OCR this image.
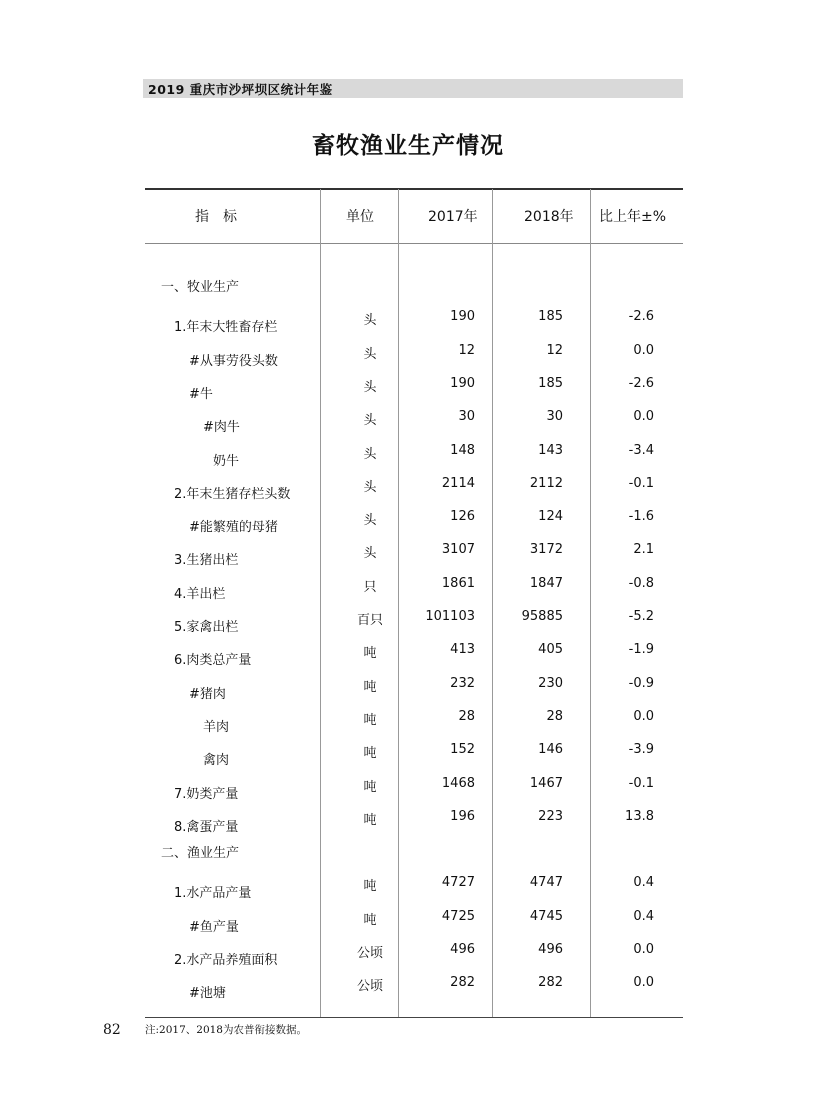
2019 重庆市沙坪坝区统计年鉴
畜牧渔业生产情况
指　标	单位	2017年	2018年 比上年±%
一、牧业生产
1.年末大牲畜存栏	头	190	185	-2.6
#从事劳役头数	头	12	12	0.0
#牛	头	190	185	-2.6
#肉牛	头	30	30	0.0
奶牛	头	148	143	-3.4
2.年末生猪存栏头数	头	2114	2112	-0.1
#能繁殖的母猪	头	126	124	-1.6
3.生猪出栏	头	3107	3172	2.1
4.羊出栏	只	1861	1847	-0.8
5.家禽出栏	百只	101103	95885	-5.2
6.肉类总产量	吨	413	405	-1.9
#猪肉	吨	232	230	-0.9
羊肉	吨	28	28	0.0
禽肉	吨	152	146	-3.9
7.奶类产量	吨	1468	1467	-0.1
8.禽蛋产量	吨	196	223	13.8
二、渔业生产
1.水产品产量	吨	4727	4747	0.4
#鱼产量	吨	4725	4745	0.4
2.水产品养殖面积	公顷	496	496	0.0
#池塘	公顷	282	282	0.0
82 注:2017、2018为农普衔接数据。
